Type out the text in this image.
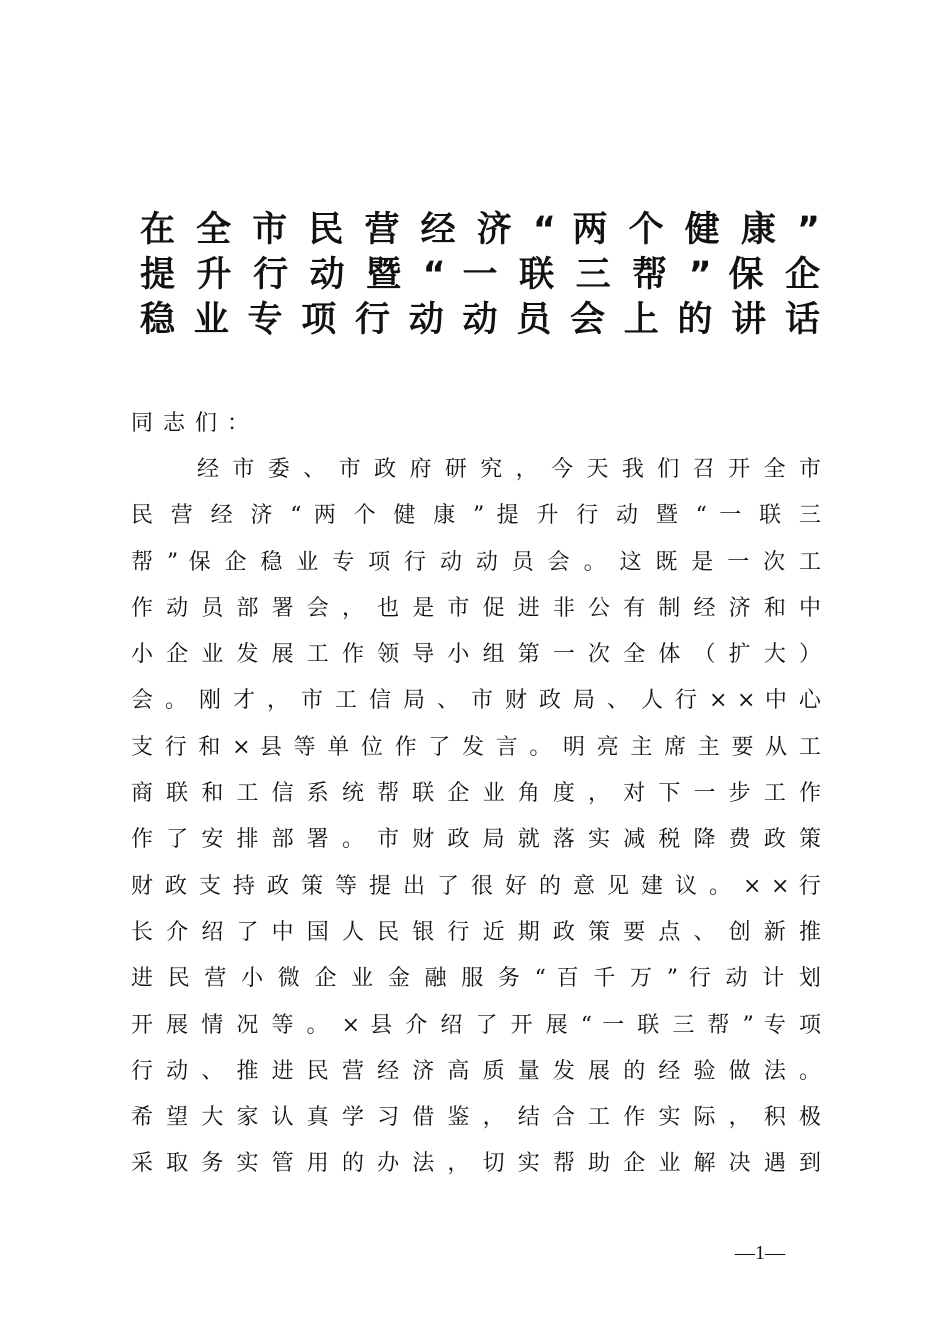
在 全 市 民 营 经 济 “ 两 个 健 康 ”
提 升 行 动 暨 “ 一 联 三 帮 ” 保 企
稳 业 专 项 行 动 动 员 会 上 的 讲 话
同志们：
经 市 委 、 市 政 府 研 究 ， 今 天 我 们 召 开 全 市
民 营 经 济 “ 两 个 健 康 ” 提 升 行 动 暨 “ 一 联 三
帮 ” 保 企 稳 业 专 项 行 动 动 员 会 。 这 既 是 一 次 工
作 动 员 部 署 会 ， 也 是 市 促 进 非 公 有 制 经 济 和 中
小 企 业 发 展 工 作 领 导 小 组 第 一 次 全 体 （ 扩 大 ）
会 。 刚 才 ， 市 工 信 局 、 市 财 政 局 、 人 行 × × 中 心
支 行 和 × 县 等 单 位 作 了 发 言 。 明 亮 主 席 主 要 从 工
商 联 和 工 信 系 统 帮 联 企 业 角 度 ， 对 下 一 步 工 作
作 了 安 排 部 署 。 市 财 政 局 就 落 实 减 税 降 费 政 策
财 政 支 持 政 策 等 提 出 了 很 好 的 意 见 建 议 。 × × 行
长 介 绍 了 中 国 人 民 银 行 近 期 政 策 要 点 、 创 新 推
进 民 营 小 微 企 业 金 融 服 务 “ 百 千 万 ” 行 动 计 划
开 展 情 况 等 。 × 县 介 绍 了 开 展 “ 一 联 三 帮 ” 专 项
行 动 、 推 进 民 营 经 济 高 质 量 发 展 的 经 验 做 法 。
希 望 大 家 认 真 学 习 借 鉴 ， 结 合 工 作 实 际 ， 积 极
采 取 务 实 管 用 的 办 法 ， 切 实 帮 助 企 业 解 决 遇 到
—1—
